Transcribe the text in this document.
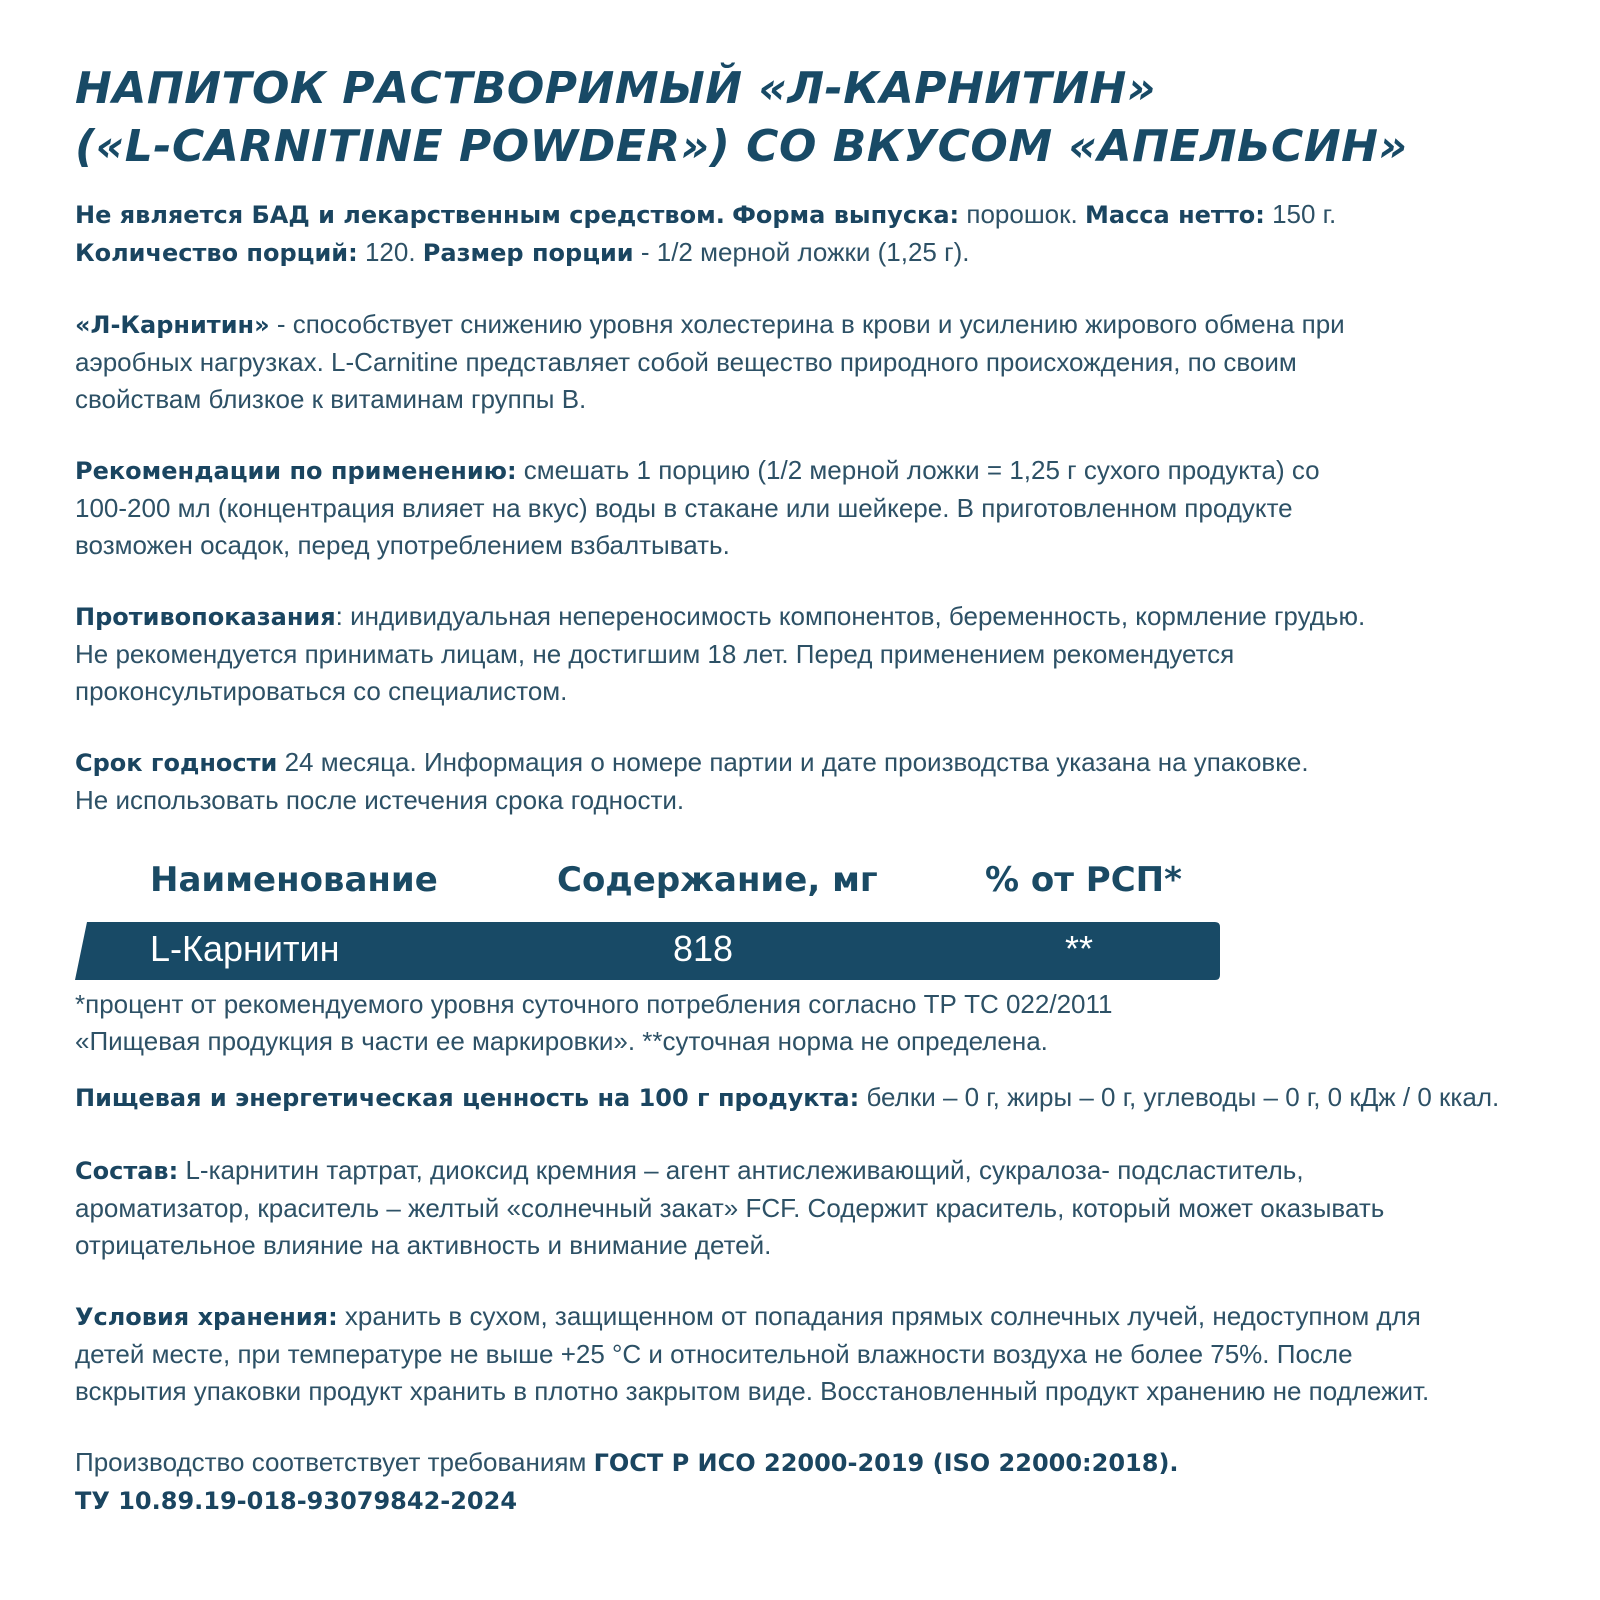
НАПИТОК РАСТВОРИМЫЙ «Л-КАРНИТИН»
(«L-CARNITINE POWDER») СО ВКУСОМ «АПЕЛЬСИН»
Не является БАД и лекарственным средством. Форма выпуска: порошок. Масса нетто: 150 г.
Количество порций: 120. Размер порции - 1/2 мерной ложки (1,25 г).
«Л-Карнитин» - способствует снижению уровня холестерина в крови и усилению жирового обмена при
аэробных нагрузках. L-Carnitine представляет собой вещество природного происхождения, по своим
свойствам близкое к витаминам группы В.
Рекомендации по применению: смешать 1 порцию (1/2 мерной ложки = 1,25 г сухого продукта) со
100-200 мл (концентрация влияет на вкус) воды в стакане или шейкере. В приготовленном продукте
возможен осадок, перед употреблением взбалтывать.
Противопоказания: индивидуальная непереносимость компонентов, беременность, кормление грудью.
Не рекомендуется принимать лицам, не достигшим 18 лет. Перед применением рекомендуется
проконсультироваться со специалистом.
Срок годности 24 месяца. Информация о номере партии и дате производства указана на упаковке.
Не использовать после истечения срока годности.
Наименование	Содержание, мг	% от РСП*
L-Карнитин	818	**
*процент от рекомендуемого уровня суточного потребления согласно ТР ТС 022/2011
«Пищевая продукция в части ее маркировки». **суточная норма не определена.
Пищевая и энергетическая ценность на 100 г продукта: белки – 0 г, жиры – 0 г, углеводы – 0 г, 0 кДж / 0 ккал.
Состав: L-карнитин тартрат, диоксид кремния – агент антислеживающий, сукралоза- подсластитель,
ароматизатор, краситель – желтый «солнечный закат» FCF. Содержит краситель, который может оказывать
отрицательное влияние на активность и внимание детей.
Условия хранения: хранить в сухом, защищенном от попадания прямых солнечных лучей, недоступном для
детей месте, при температуре не выше +25 °C и относительной влажности воздуха не более 75%. После
вскрытия упаковки продукт хранить в плотно закрытом виде. Восстановленный продукт хранению не подлежит.
Производство соответствует требованиям ГОСТ Р ИСО 22000-2019 (ISO 22000:2018).
ТУ 10.89.19-018-93079842-2024
